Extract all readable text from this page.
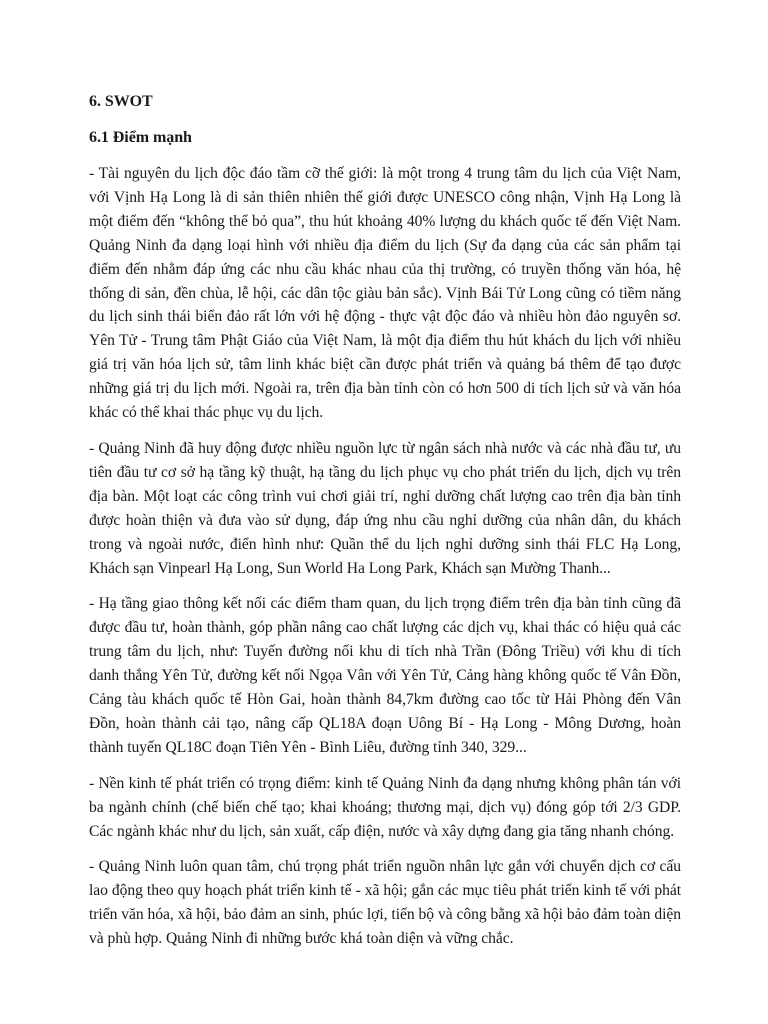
6. SWOT

6.1 Điểm mạnh

- Tài nguyên du lịch độc đáo tầm cỡ thế giới: là một trong 4 trung tâm du lịch của Việt Nam, với Vịnh Hạ Long là di sản thiên nhiên thế giới được UNESCO công nhận, Vịnh Hạ Long là một điểm đến “không thể bỏ qua”, thu hút khoảng 40% lượng du khách quốc tế đến Việt Nam. Quảng Ninh đa dạng loại hình với nhiều địa điểm du lịch (Sự đa dạng của các sản phẩm tại điểm đến nhằm đáp ứng các nhu cầu khác nhau của thị trường, có truyền thống văn hóa, hệ thống di sản, đền chùa, lễ hội, các dân tộc giàu bản sắc). Vịnh Bái Tử Long cũng có tiềm năng du lịch sinh thái biển đảo rất lớn với hệ động - thực vật độc đáo và nhiều hòn đảo nguyên sơ. Yên Tử - Trung tâm Phật Giáo của Việt Nam, là một địa điểm thu hút khách du lịch với nhiều giá trị văn hóa lịch sử, tâm linh khác biệt cần được phát triển và quảng bá thêm để tạo được những giá trị du lịch mới. Ngoài ra, trên địa bàn tỉnh còn có hơn 500 di tích lịch sử và văn hóa khác có thể khai thác phục vụ du lịch.

- Quảng Ninh đã huy động được nhiều nguồn lực từ ngân sách nhà nước và các nhà đầu tư, ưu tiên đầu tư cơ sở hạ tầng kỹ thuật, hạ tầng du lịch phục vụ cho phát triển du lịch, dịch vụ trên địa bàn. Một loạt các công trình vui chơi giải trí, nghỉ dưỡng chất lượng cao trên địa bàn tỉnh được hoàn thiện và đưa vào sử dụng, đáp ứng nhu cầu nghỉ dưỡng của nhân dân, du khách trong và ngoài nước, điển hình như: Quần thể du lịch nghỉ dưỡng sinh thái FLC Hạ Long, Khách sạn Vinpearl Hạ Long, Sun World Ha Long Park, Khách sạn Mường Thanh...

- Hạ tầng giao thông kết nối các điểm tham quan, du lịch trọng điểm trên địa bàn tỉnh cũng đã được đầu tư, hoàn thành, góp phần nâng cao chất lượng các dịch vụ, khai thác có hiệu quả các trung tâm du lịch, như: Tuyến đường nối khu di tích nhà Trần (Đông Triều) với khu di tích danh thắng Yên Tử, đường kết nối Ngọa Vân với Yên Tử, Cảng hàng không quốc tế Vân Đồn, Cảng tàu khách quốc tế Hòn Gai, hoàn thành 84,7km đường cao tốc từ Hải Phòng đến Vân Đồn, hoàn thành cải tạo, nâng cấp QL18A đoạn Uông Bí - Hạ Long - Mông Dương, hoàn thành tuyến QL18C đoạn Tiên Yên - Bình Liêu, đường tỉnh 340, 329...

- Nền kinh tế phát triển có trọng điểm: kinh tế Quảng Ninh đa dạng nhưng không phân tán với ba ngành chính (chế biến chế tạo; khai khoáng; thương mại, dịch vụ) đóng góp tới 2/3 GDP. Các ngành khác như du lịch, sản xuất, cấp điện, nước và xây dựng đang gia tăng nhanh chóng.

- Quảng Ninh luôn quan tâm, chú trọng phát triển nguồn nhân lực gắn với chuyển dịch cơ cấu lao động theo quy hoạch phát triển kinh tế - xã hội; gắn các mục tiêu phát triển kinh tế với phát triển văn hóa, xã hội, bảo đảm an sinh, phúc lợi, tiến bộ và công bằng xã hội bảo đảm toàn diện và phù hợp. Quảng Ninh đi những bước khá toàn diện và vững chắc.
